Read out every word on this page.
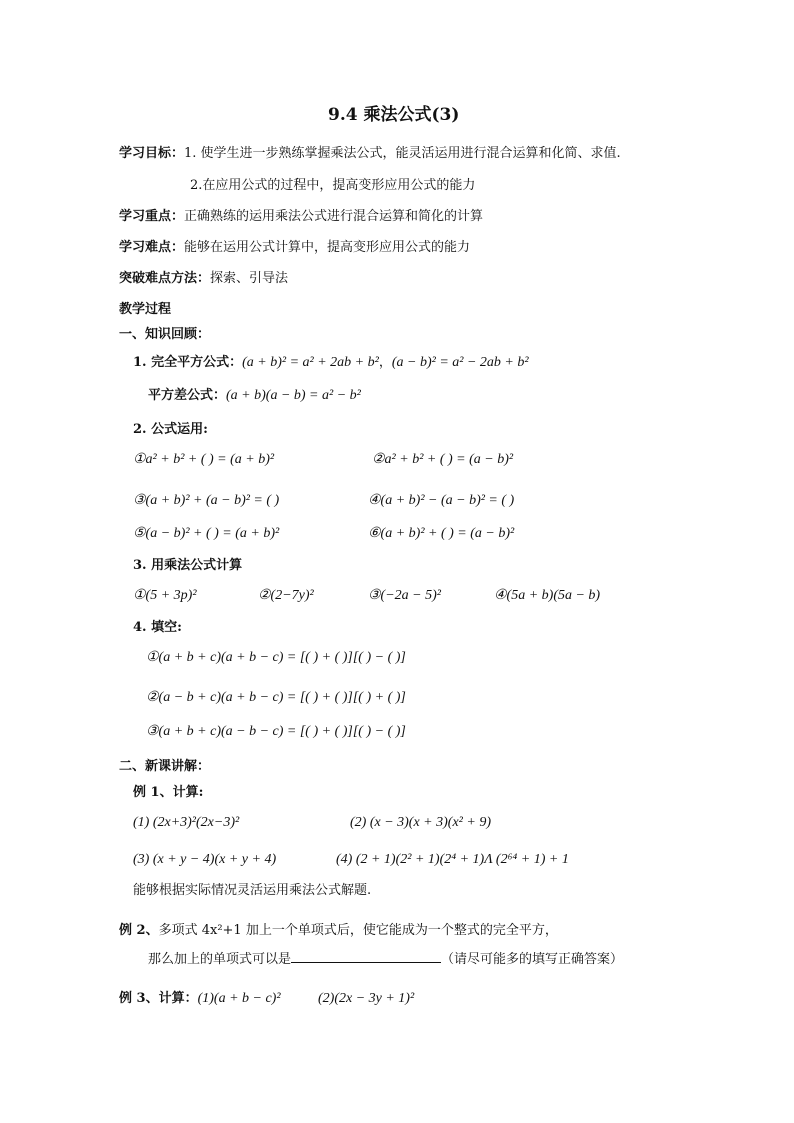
9.4 乘法公式(3)
学习目标：1. 使学生进一步熟练掌握乘法公式，能灵活运用进行混合运算和化简、求值.
2.在应用公式的过程中，提高变形应用公式的能力
学习重点：正确熟练的运用乘法公式进行混合运算和简化的计算
学习难点：能够在运用公式计算中，提高变形应用公式的能力
突破难点方法：探索、引导法
教学过程
一、知识回顾：
1. 完全平方公式：(a + b)² = a² + 2ab + b²，(a − b)² = a² − 2ab + b²
平方差公式：(a + b)(a − b) = a² − b²
2. 公式运用:
①a² + b² + ( ) = (a + b)²	②a² + b² + ( ) = (a − b)²
③(a + b)² + (a − b)² = ( )	④(a + b)² − (a − b)² = ( )
⑤(a − b)² + ( ) = (a + b)²	⑥(a + b)² + ( ) = (a − b)²
3. 用乘法公式计算
①(5 + 3p)²	②(2−7y)²	③(−2a − 5)²	④(5a + b)(5a − b)
4. 填空:
①(a + b + c)(a + b − c) = [( ) + ( )][( ) − ( )]
②(a − b + c)(a + b − c) = [( ) + ( )][( ) + ( )]
③(a + b + c)(a − b − c) = [( ) + ( )][( ) − ( )]
二、新课讲解：
例 1、计算:
(1) (2x+3)²(2x−3)²	(2) (x − 3)(x + 3)(x² + 9)
(3) (x + y − 4)(x + y + 4)	(4) (2 + 1)(2² + 1)(2⁴ + 1)Λ (2⁶⁴ + 1) + 1
能够根据实际情况灵活运用乘法公式解题.
例 2、多项式 4x²+1 加上一个单项式后，使它能成为一个整式的完全平方，
那么加上的单项式可以是	（请尽可能多的填写正确答案）
例 3、计算：(1)(a + b − c)²	(2)(2x − 3y + 1)²
